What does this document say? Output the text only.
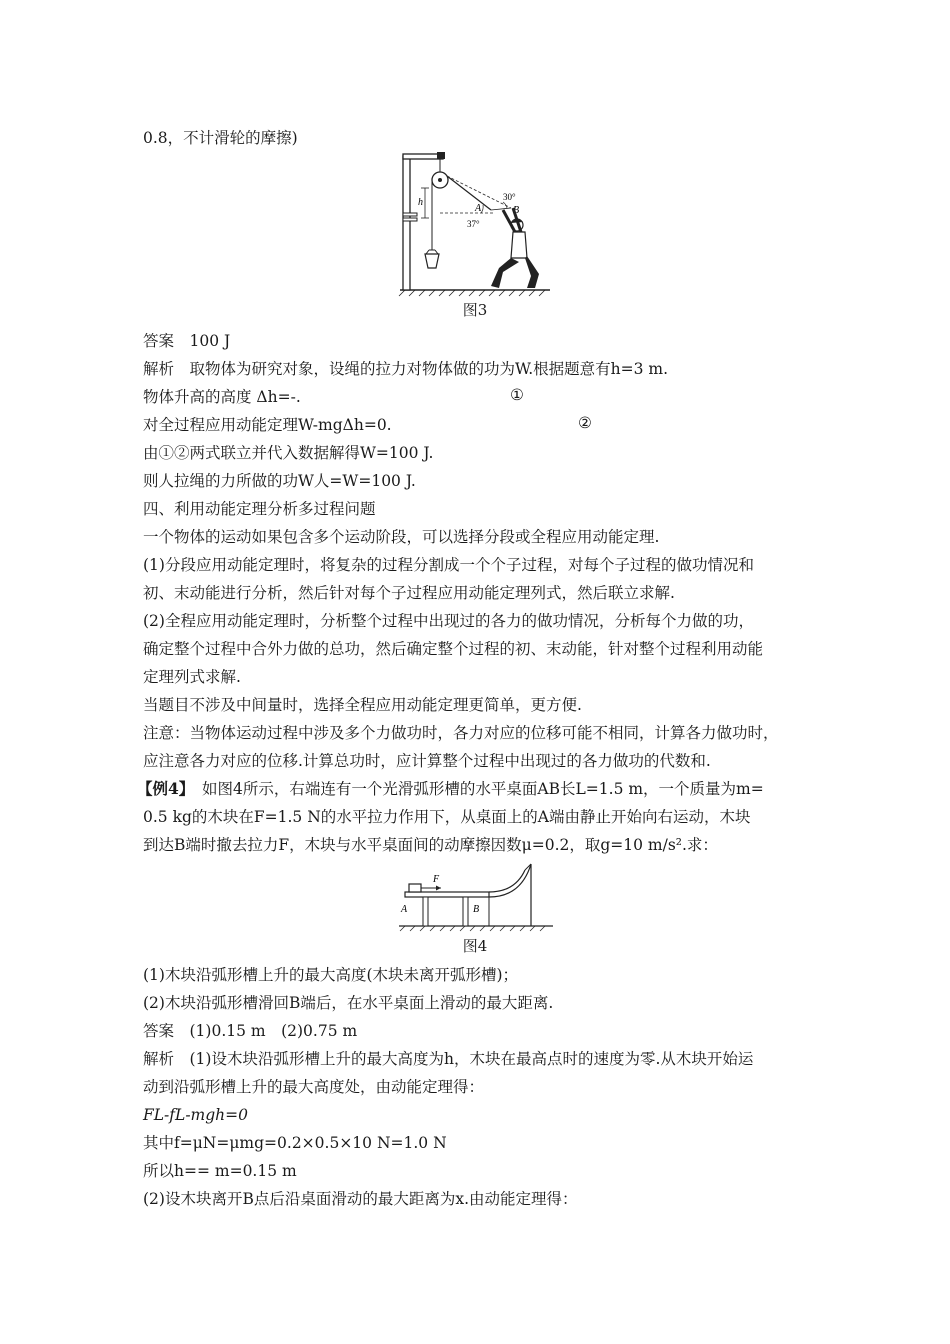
0.8，不计滑轮的摩擦)
h
A	B
30°
37°
图3
答案　100 J
解析　取物体为研究对象，设绳的拉力对物体做的功为W.根据题意有h=3 m.
物体升高的高度 Δh=-.	①
对全过程应用动能定理W-mgΔh=0.	②
由①②两式联立并代入数据解得W=100 J.
则人拉绳的力所做的功W人=W=100 J.
四、利用动能定理分析多过程问题
一个物体的运动如果包含多个运动阶段，可以选择分段或全程应用动能定理.
(1)分段应用动能定理时，将复杂的过程分割成一个个子过程，对每个子过程的做功情况和
初、末动能进行分析，然后针对每个子过程应用动能定理列式，然后联立求解.
(2)全程应用动能定理时，分析整个过程中出现过的各力的做功情况，分析每个力做的功，
确定整个过程中合外力做的总功，然后确定整个过程的初、末动能，针对整个过程利用动能
定理列式求解.
当题目不涉及中间量时，选择全程应用动能定理更简单，更方便.
注意：当物体运动过程中涉及多个力做功时，各力对应的位移可能不相同，计算各力做功时，
应注意各力对应的位移.计算总功时，应计算整个过程中出现过的各力做功的代数和.
【例4】　如图4所示，右端连有一个光滑弧形槽的水平桌面AB长L=1.5 m，一个质量为m=
0.5 kg的木块在F=1.5 N的水平拉力作用下，从桌面上的A端由静止开始向右运动，木块
到达B端时撤去拉力F，木块与水平桌面间的动摩擦因数μ=0.2，取g=10 m/s².求：
F
A	B
图4
(1)木块沿弧形槽上升的最大高度(木块未离开弧形槽)；
(2)木块沿弧形槽滑回B端后，在水平桌面上滑动的最大距离.
答案　(1)0.15 m　(2)0.75 m
解析　(1)设木块沿弧形槽上升的最大高度为h，木块在最高点时的速度为零.从木块开始运
动到沿弧形槽上升的最大高度处，由动能定理得：
FL-fL-mgh=0
其中f=μN=μmg=0.2×0.5×10 N=1.0 N
所以h== m=0.15 m
(2)设木块离开B点后沿桌面滑动的最大距离为x.由动能定理得：
